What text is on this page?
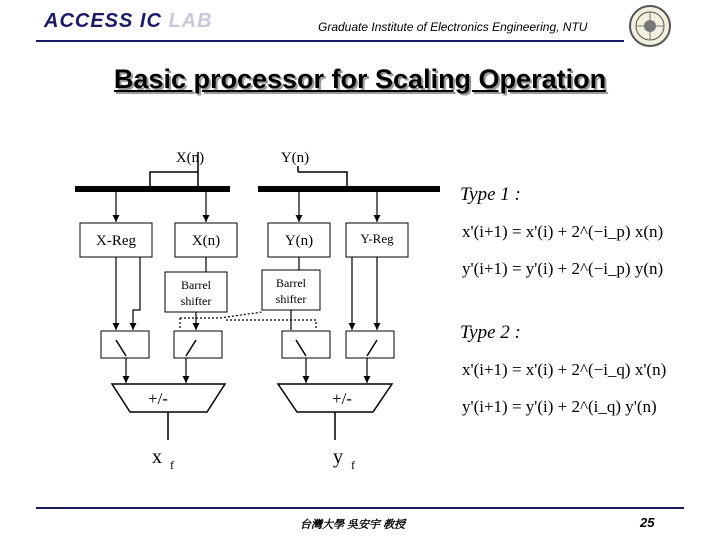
ACCESS IC LAB	Graduate Institute of Electronics Engineering, NTU
Basic processor for Scaling Operation
X(n)	Y(n)
X-Reg	X(n)	Y(n)	Y-Reg
Barrel
shifter
Barrel
shifter
+/-	+/-
x f	y f
Type 1 :
x'(i+1) = x'(i) + 2^(−i_p) x(n)
y'(i+1) = y'(i) + 2^(−i_p) y(n)
Type 2 :
x'(i+1) = x'(i) + 2^(−i_q) x'(n)
y'(i+1) = y'(i) + 2^(i_q) y'(n)
台灣大學 吳安宇 教授	25
